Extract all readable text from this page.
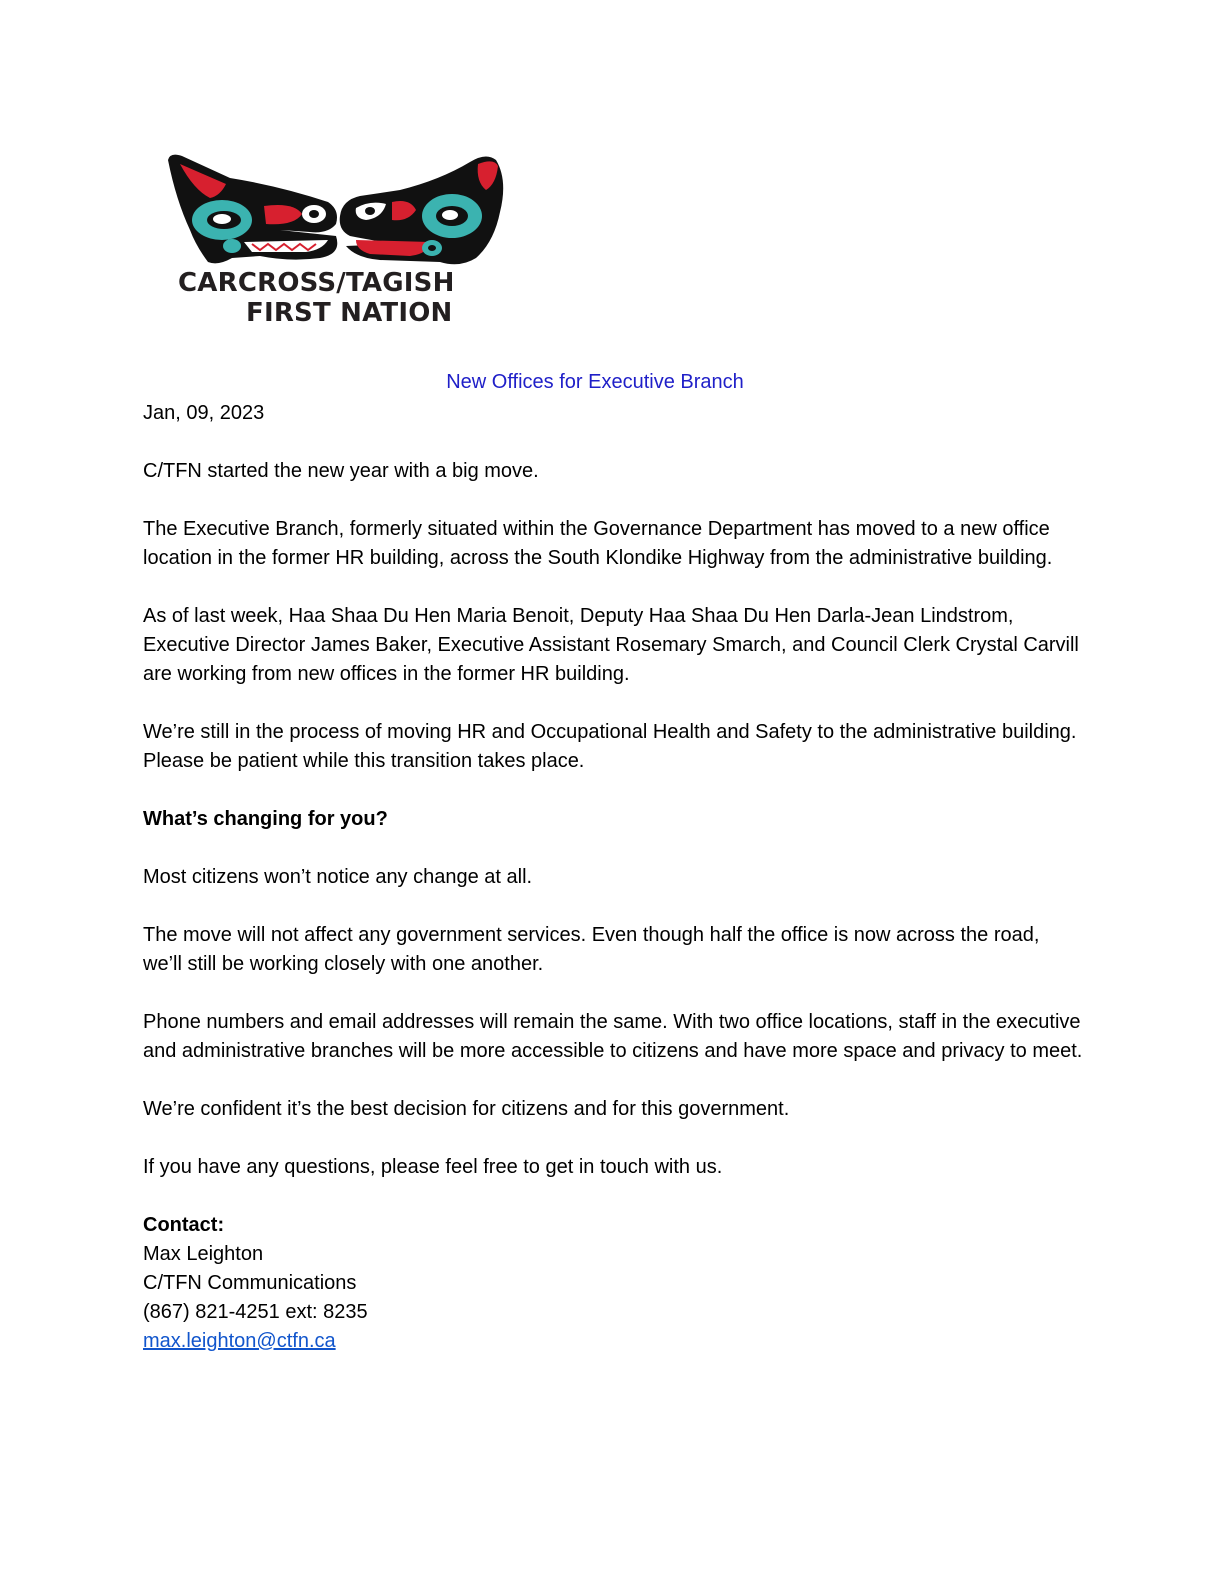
CARCROSS/TAGISH
FIRST NATION
New Offices for Executive Branch

Jan, 09, 2023

C/TFN started the new year with a big move.

The Executive Branch, formerly situated within the Governance Department has moved to a new office location in the former HR building, across the South Klondike Highway from the administrative building.

As of last week, Haa Shaa Du Hen Maria Benoit, Deputy Haa Shaa Du Hen Darla-Jean Lindstrom, Executive Director James Baker, Executive Assistant Rosemary Smarch, and Council Clerk Crystal Carvill are working from new offices in the former HR building.

We’re still in the process of moving HR and Occupational Health and Safety to the administrative building. Please be patient while this transition takes place.

What’s changing for you?

Most citizens won’t notice any change at all.

The move will not affect any government services. Even though half the office is now across the road, we’ll still be working closely with one another.

Phone numbers and email addresses will remain the same. With two office locations, staff in the executive and administrative branches will be more accessible to citizens and have more space and privacy to meet.

We’re confident it’s the best decision for citizens and for this government.

If you have any questions, please feel free to get in touch with us.

Contact:

Max Leighton

C/TFN Communications

(867) 821-4251 ext: 8235

max.leighton@ctfn.ca
